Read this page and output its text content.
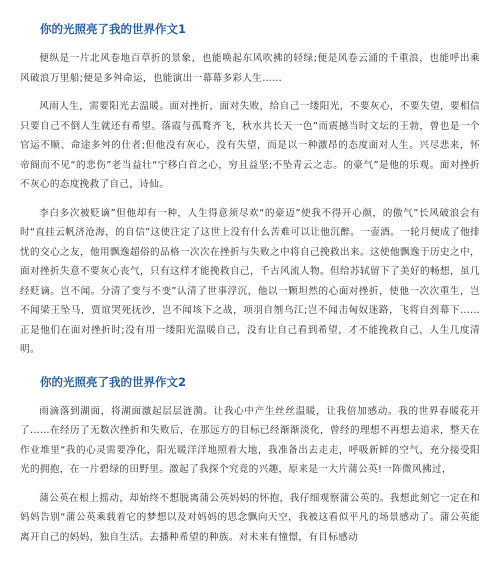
你的光照亮了我的世界作文1

便纵是一片北风卷地百草折的景象，也能唤起东风吹拂的轻绿;便是风卷云涌的千重浪，也能呼出乘风破浪万里船;便是多舛命运，也能演出一幕幕多彩人生……

风雨人生，需要阳光去温暖。面对挫折，面对失败，给自己一缕阳光，不要灰心，不要失望，要相信只要自己不倒人生就还有希望。落霞与孤鹜齐飞，秋水共长天一色”而震撼当时文坛的王勃，曾也是一个官运不顺、命途多舛的仕者;但他没有灰心，没有失望，而是以一种激昂的态度面对人生。兴尽悲来，怀帝阍而不见“的悲伤”老当益壮“宁移白首之心，穷且益坚;不坠青云之志。的豪气”是他的乐观。面对挫折不灰心的态度挽救了自己，诗仙。

李白多次被贬谪”但他却有一种，人生得意须尽欢“的豪迈”使我不得开心颜，的傲气”长风破浪会有时“直挂云帆济沧海，的自信”这使注定了这世上没有什么苦难可以让他沉醉。一壶酒。一轮月便成了他排忧的交心之友，他用飘逸超俗的品格一次次在挫折与失败之中将自己挽救出来。这使他飘逸于历史之中，面对挫折失意不要灰心丧气，只有这样才能挽救自己，千古风流人物。但给苏轼留下了美好的畅想，虽几经贬谪。岂不闻。分清了变与不变”认清了世事浮沉，他以一颗坦然的心面对挫折，使他一次次重生，岂不闻梁王坠马，贾谊哭死抚沙，岂不闻垓下之战，项羽自刎乌江;岂不闻击匈奴迷路，飞将自刭幕下……正是他们在面对挫折时;没有用一缕阳光温暖自己，没有让自己看到希望，才不能挽救自己，人生几度清明。

你的光照亮了我的世界作文2

雨滴落到湖面，将湖面激起层层涟漪。让我心中产生丝丝温暖，让我倍加感动。我的世界春暖花开了……在经历了无数次挫折和失败后，在那远方的目标已经渐渐淡化，曾经的理想不再想去追求，整天在作业堆里“我的心灵需要净化，阳光暖洋洋地照着大地，我准备出去走走，呼吸新鲜的空气，充分接受阳光的拥抱，在一片碧绿的田野里。激起了我探个究竟的兴趣，原来是一大片蒲公英!一阵微风拂过，

蒲公英在根上摇动，却始终不想脱离蒲公英妈妈的怀抱，我仔细观察蒲公英的。我想此刻它一定在和妈妈告别“蒲公英乘载着它的梦想以及对妈妈的思念飘向天空，我被这看似平凡的场景感动了。蒲公英能离开自己的妈妈，独自生活。去播种希望的种族。对未来有憧憬，有目标感动
